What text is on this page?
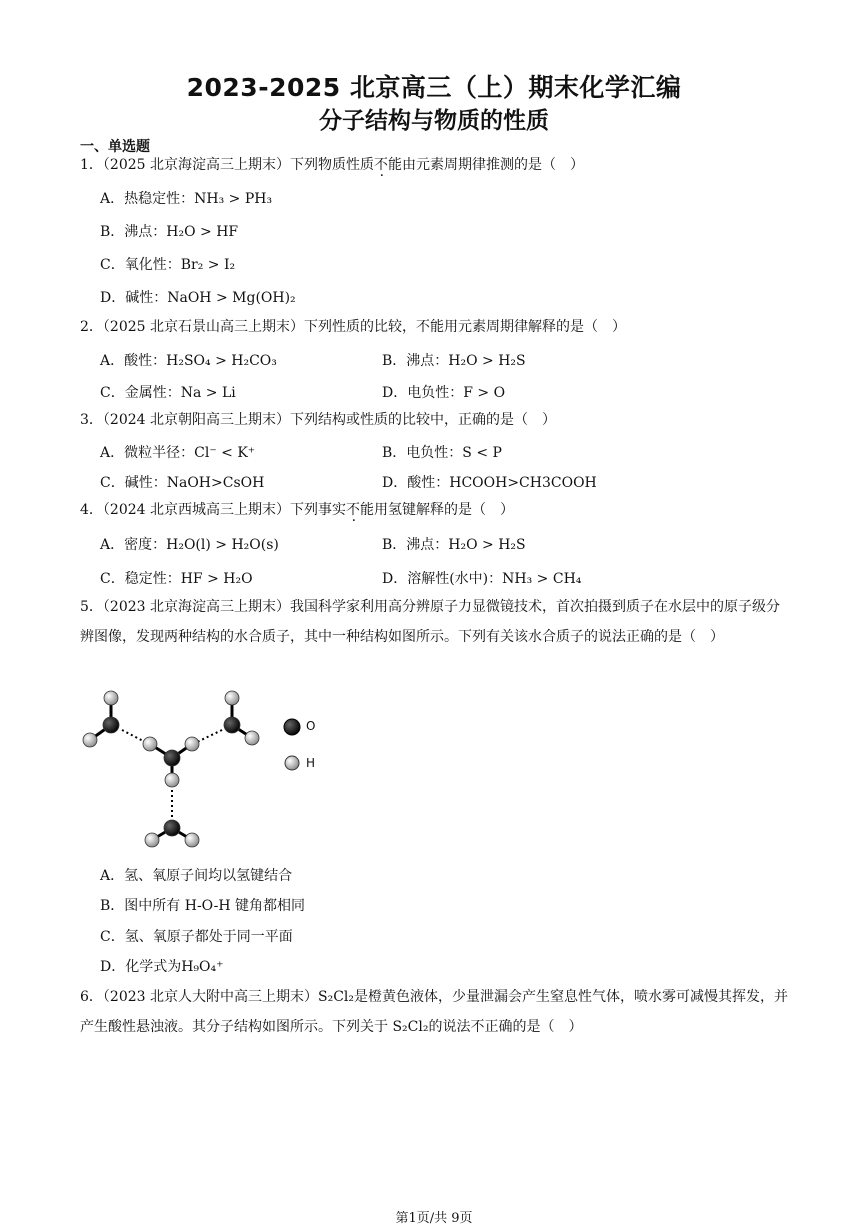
2023-2025 北京高三（上）期末化学汇编
分子结构与物质的性质
一、单选题
1．（2025 北京海淀高三上期末）下列物质性质不能由元素周期律推测的是（　）
A．热稳定性：NH₃ > PH₃
B．沸点：H₂O > HF
C．氧化性：Br₂ > I₂
D．碱性：NaOH > Mg(OH)₂
2．（2025 北京石景山高三上期末）下列性质的比较，不能用元素周期律解释的是（　）
A．酸性：H₂SO₄ > H₂CO₃	B．沸点：H₂O > H₂S
C．金属性：Na > Li	D．电负性：F > O
3．（2024 北京朝阳高三上期末）下列结构或性质的比较中，正确的是（　）
A．微粒半径：Cl⁻ < K⁺	B．电负性：S < P
C．碱性：NaOH>CsOH	D．酸性：HCOOH>CH3COOH
4．（2024 北京西城高三上期末）下列事实不能用氢键解释的是（　）
A．密度：H₂O(l) > H₂O(s)	B．沸点：H₂O > H₂S
C．稳定性：HF > H₂O	D．溶解性(水中)：NH₃ > CH₄
5．（2023 北京海淀高三上期末）我国科学家利用高分辨原子力显微镜技术，首次拍摄到质子在水层中的原子级分辨图像，发现两种结构的水合质子，其中一种结构如图所示。下列有关该水合质子的说法正确的是（　）
O
H
A．氢、氧原子间均以氢键结合
B．图中所有 H-O-H 键角都相同
C．氢、氧原子都处于同一平面
D．化学式为H₉O₄⁺
6．（2023 北京人大附中高三上期末）S₂Cl₂是橙黄色液体，少量泄漏会产生窒息性气体，喷水雾可减慢其挥发，并产生酸性悬浊液。其分子结构如图所示。下列关于 S₂Cl₂的说法不正确的是（　）
第1页/共 9页
